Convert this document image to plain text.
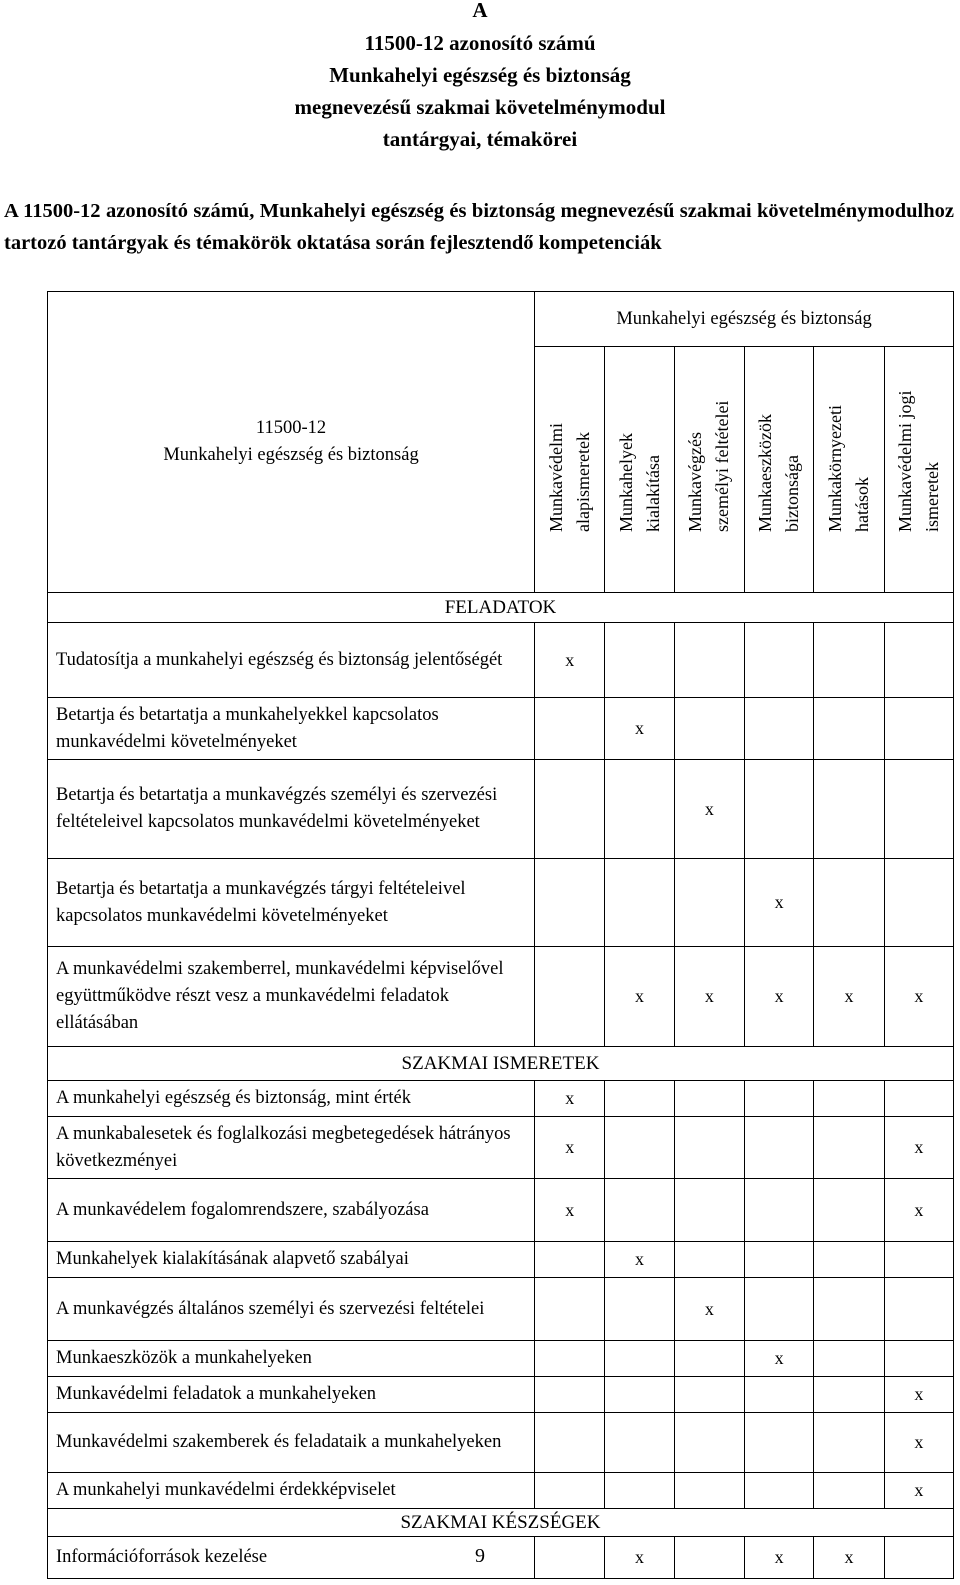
A
11500-12 azonosító számú
Munkahelyi egészség és biztonság
megnevezésű szakmai követelménymodul
tantárgyai, témakörei
A 11500-12 azonosító számú, Munkahelyi egészség és biztonság megnevezésű szakmai követelménymodulhoz tartozó tantárgyak és témakörök oktatása során fejlesztendő kompetenciák
11500-12
Munkahelyi egészség és biztonság	Munkahelyi egészség és biztonság					

	Munkavédelmi alapismeretek	Munkahelyek kialakítása	Munkavégzés személyi feltételei	Munkaeszközök biztonsága	Munkakörnyezeti hatások	Munkavédelmi jogi ismeretek

FELADATOK						
Tudatosítja a munkahelyi egészség és biztonság jelentőségét	x					
Betartja és betartatja a munkahelyekkel kapcsolatos munkavédelmi követelményeket		x				
Betartja és betartatja a munkavégzés személyi és szervezési feltételeivel kapcsolatos munkavédelmi követelményeket			x			
Betartja és betartatja a munkavégzés tárgyi feltételeivel kapcsolatos munkavédelmi követelményeket				x		
A munkavédelmi szakemberrel, munkavédelmi képviselővel együttműködve részt vesz a munkavédelmi feladatok ellátásában		x	x	x	x	x
SZAKMAI ISMERETEK						
A munkahelyi egészség és biztonság, mint érték	x					
A munkabalesetek és foglalkozási megbetegedések hátrányos következményei	x					x
A munkavédelem fogalomrendszere, szabályozása	x					x
Munkahelyek kialakításának alapvető szabályai		x				
A munkavégzés általános személyi és szervezési feltételei			x			
Munkaeszközök a munkahelyeken				x		
Munkavédelmi feladatok a munkahelyeken						x
Munkavédelmi szakemberek és feladataik a munkahelyeken						x
A munkahelyi munkavédelmi érdekképviselet						x
SZAKMAI KÉSZSÉGEK						
Információforrások kezelése		x		x	x	
9
